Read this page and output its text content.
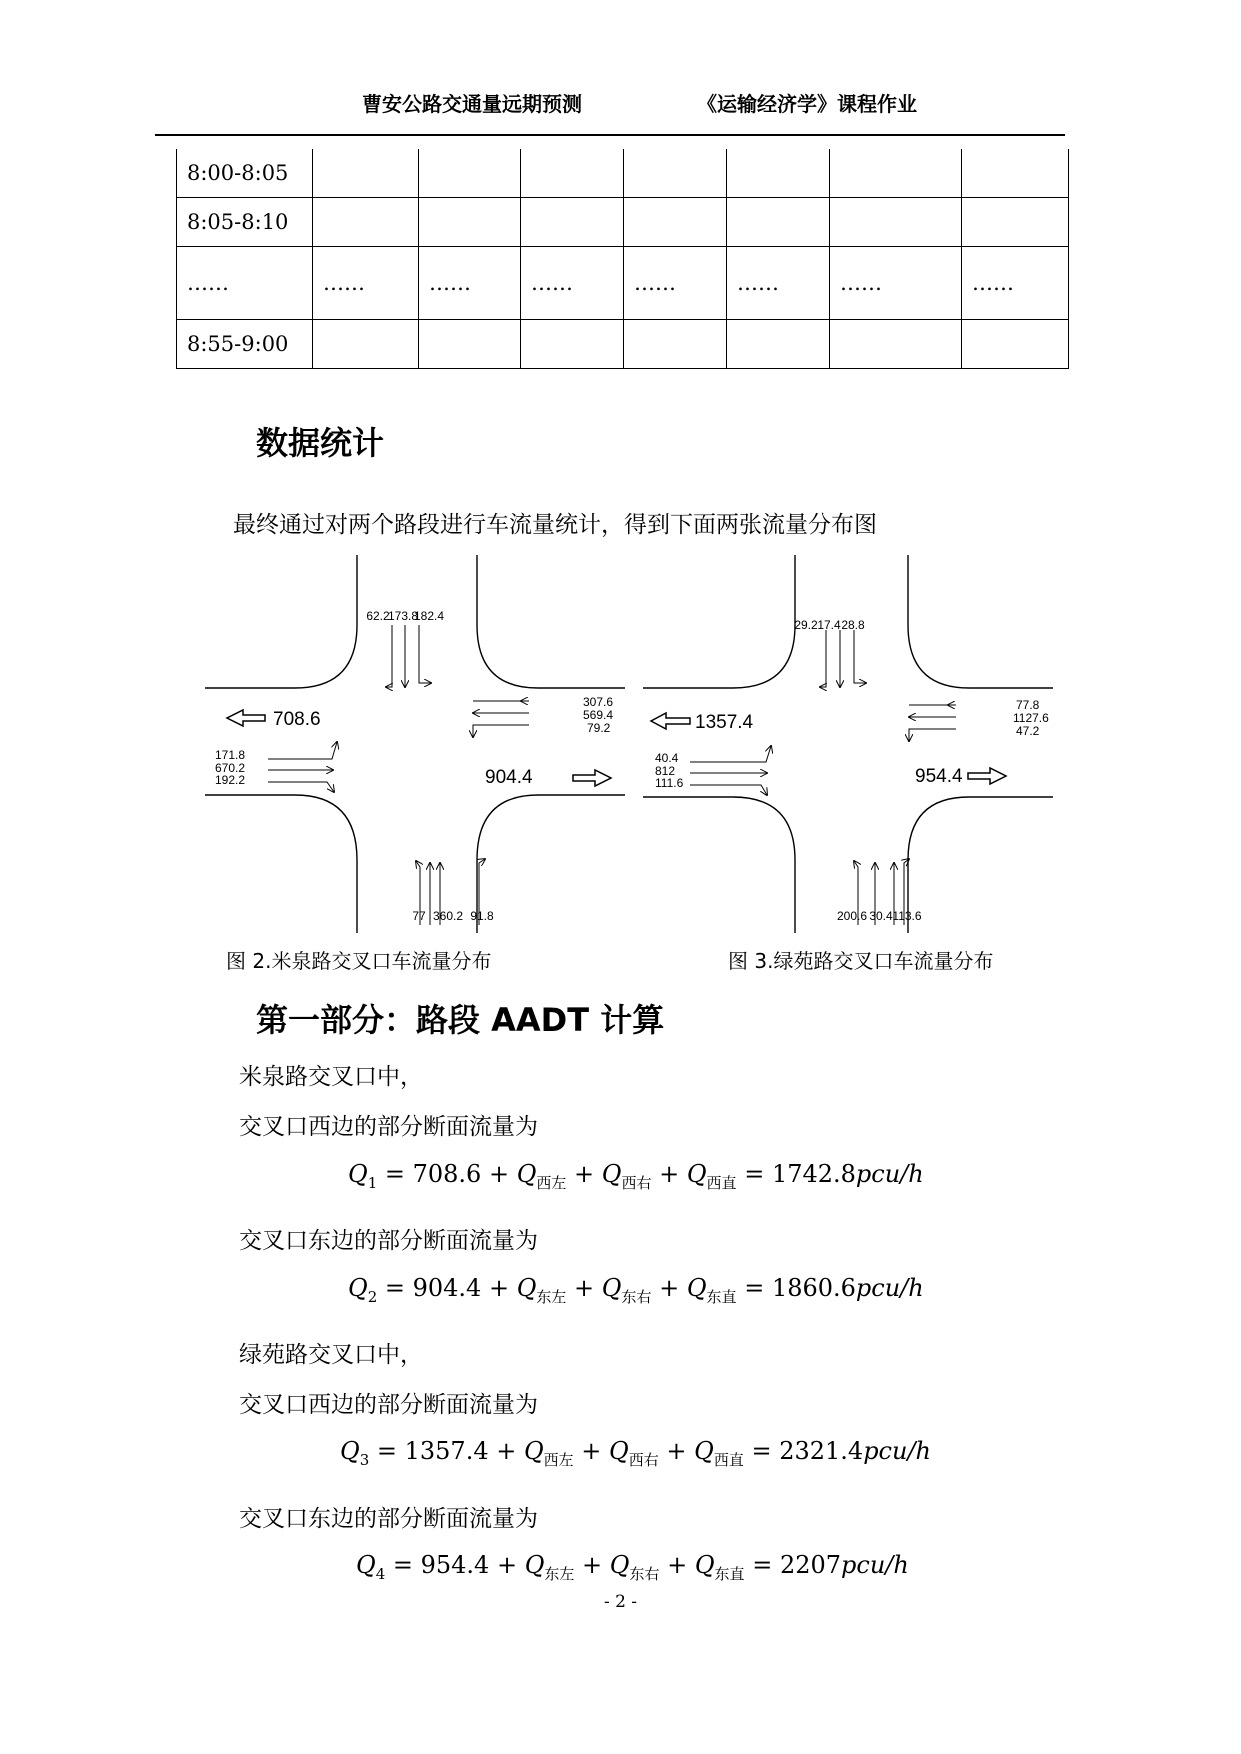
曹安公路交通量远期预测	《运输经济学》课程作业
8:00-8:05							
8:05-8:10							
……	……	……	……	……	……	……	……
8:55-9:00							
数据统计
最终通过对两个路段进行车流量统计，得到下面两张流量分布图
62.2
173.8
182.4
708.6
171.8
670.2
192.2
307.6
569.4
79.2
904.4
77 360.2 91.8
29.2 17.4 28.8
1357.4
40.4
812
111.6
77.8
1127.6
47.2
954.4
200.6 30.4 113.6
图 2.米泉路交叉口车流量分布	图 3.绿苑路交叉口车流量分布
第一部分：路段 AADT 计算
米泉路交叉口中，
交叉口西边的部分断面流量为
$Q_1 = 708.6 + Q_{西左} + Q_{西右} + Q_{西直} = 1742.8pcu/h$
交叉口东边的部分断面流量为
$Q_2 = 904.4 + Q_{东左} + Q_{东右} + Q_{东直} = 1860.6pcu/h$
绿苑路交叉口中，
交叉口西边的部分断面流量为
$Q_3 = 1357.4 + Q_{西左} + Q_{西右} + Q_{西直} = 2321.4pcu/h$
交叉口东边的部分断面流量为
$Q_4 = 954.4 + Q_{东左} + Q_{东右} + Q_{东直} = 2207pcu/h$
- 2 -
